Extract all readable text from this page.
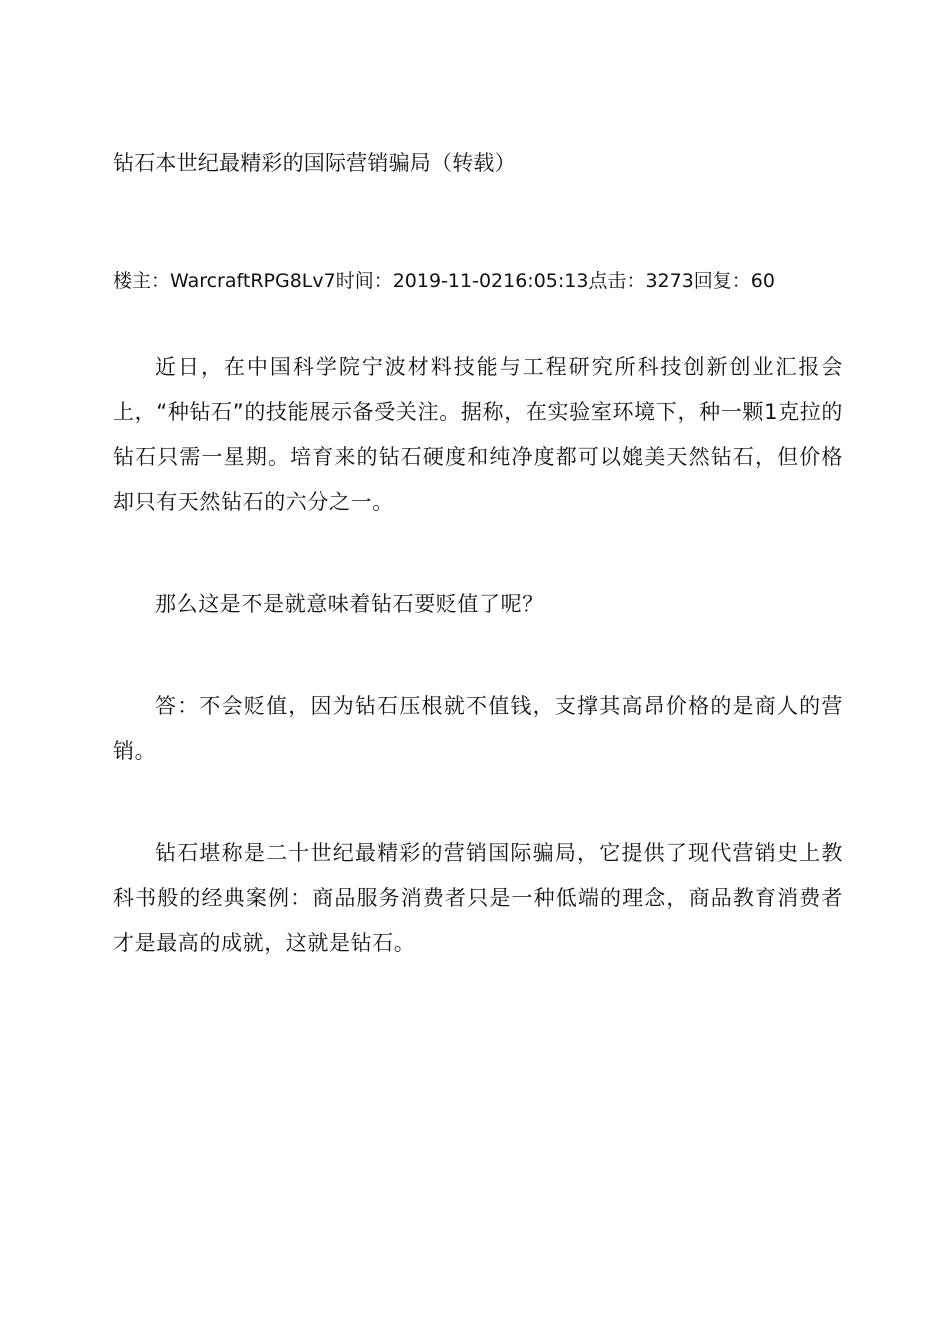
钻石本世纪最精彩的国际营销骗局（转载）
楼主：WarcraftRPG8Lv7时间：2019-11-0216:05:13点击：3273回复：60

近日，在中国科学院宁波材料技能与工程研究所科技创新创业汇报会上，“种钻石”的技能展示备受关注。据称，在实验室环境下，种一颗1克拉的钻石只需一星期。培育来的钻石硬度和纯净度都可以媲美天然钻石，但价格却只有天然钻石的六分之一。

那么这是不是就意味着钻石要贬值了呢？

答：不会贬值，因为钻石压根就不值钱，支撑其高昂价格的是商人的营销。

钻石堪称是二十世纪最精彩的营销国际骗局，它提供了现代营销史上教科书般的经典案例：商品服务消费者只是一种低端的理念，商品教育消费者才是最高的成就，这就是钻石。
